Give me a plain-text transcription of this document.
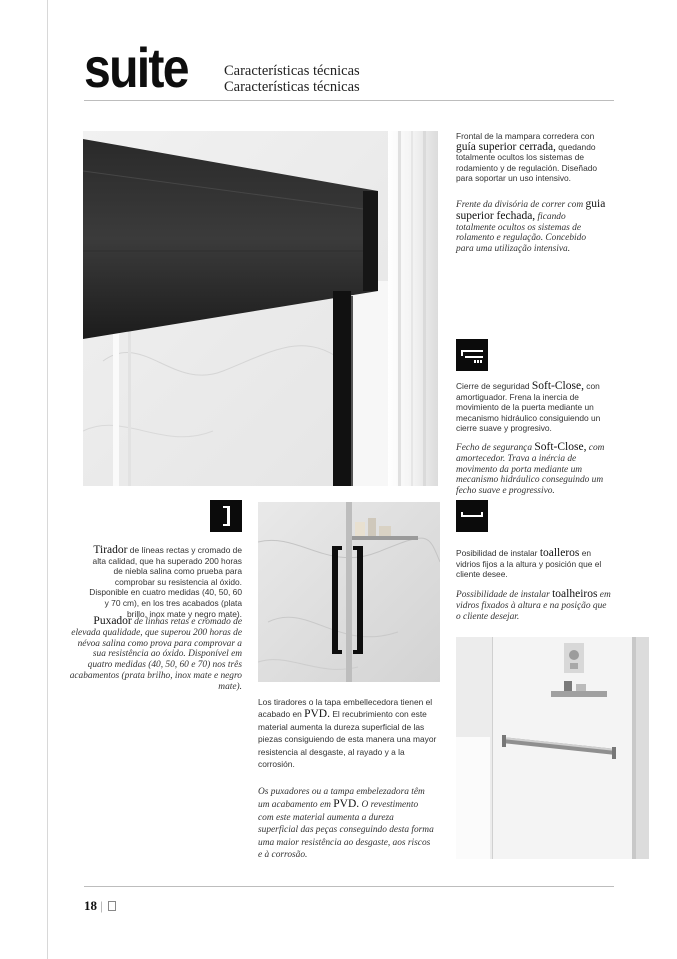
suite Características técnicas
Características técnicas
Frontal de la mampara corredera con guía superior cerrada, quedando totalmente ocultos los sistemas de rodamiento y de regulación. Diseñado para soportar un uso intensivo.
Frente da divisória de correr com guia superior fechada, ficando totalmente ocultos os sistemas de rolamento e regulação. Concebido para uma utilização intensiva.
Cierre de seguridad Soft-Close, con amortiguador. Frena la inercia de movimiento de la puerta mediante un mecanismo hidráulico consiguiendo un cierre suave y progresivo.
Fecho de segurança Soft-Close, com amortecedor. Trava a inércia de movimento da porta mediante um mecanismo hidráulico conseguindo um fecho suave e progressivo.
Tirador de líneas rectas y cromado de alta calidad, que ha superado 200 horas de niebla salina como prueba para comprobar su resistencia al óxido. Disponible en cuatro medidas (40, 50, 60 y 70 cm), en los tres acabados (plata brillo, inox mate y negro mate).
Puxador de linhas retas e cromado de elevada qualidade, que superou 200 horas de névoa salina como prova para comprovar a sua resistência ao óxido. Disponível em quatro medidas (40, 50, 60 e 70) nos três acabamentos (prata brilho, inox mate e negro mate).
Los tiradores o la tapa embellecedora tienen el acabado en PVD. El recubrimiento con este material aumenta la dureza superficial de las piezas consiguiendo de esta manera una mayor resistencia al desgaste, al rayado y a la corrosión.
Os puxadores ou a tampa embelezadora têm um acabamento em PVD. O revestimento com este material aumenta a dureza superficial das peças conseguindo desta forma uma maior resistência ao desgaste, aos riscos e à corrosão.
Posibilidad de instalar toalleros en vidrios fijos a la altura y posición que el cliente desee.
Possibilidade de instalar toalheiros em vidros fixados à altura e na posição que o cliente desejar.
18 |
